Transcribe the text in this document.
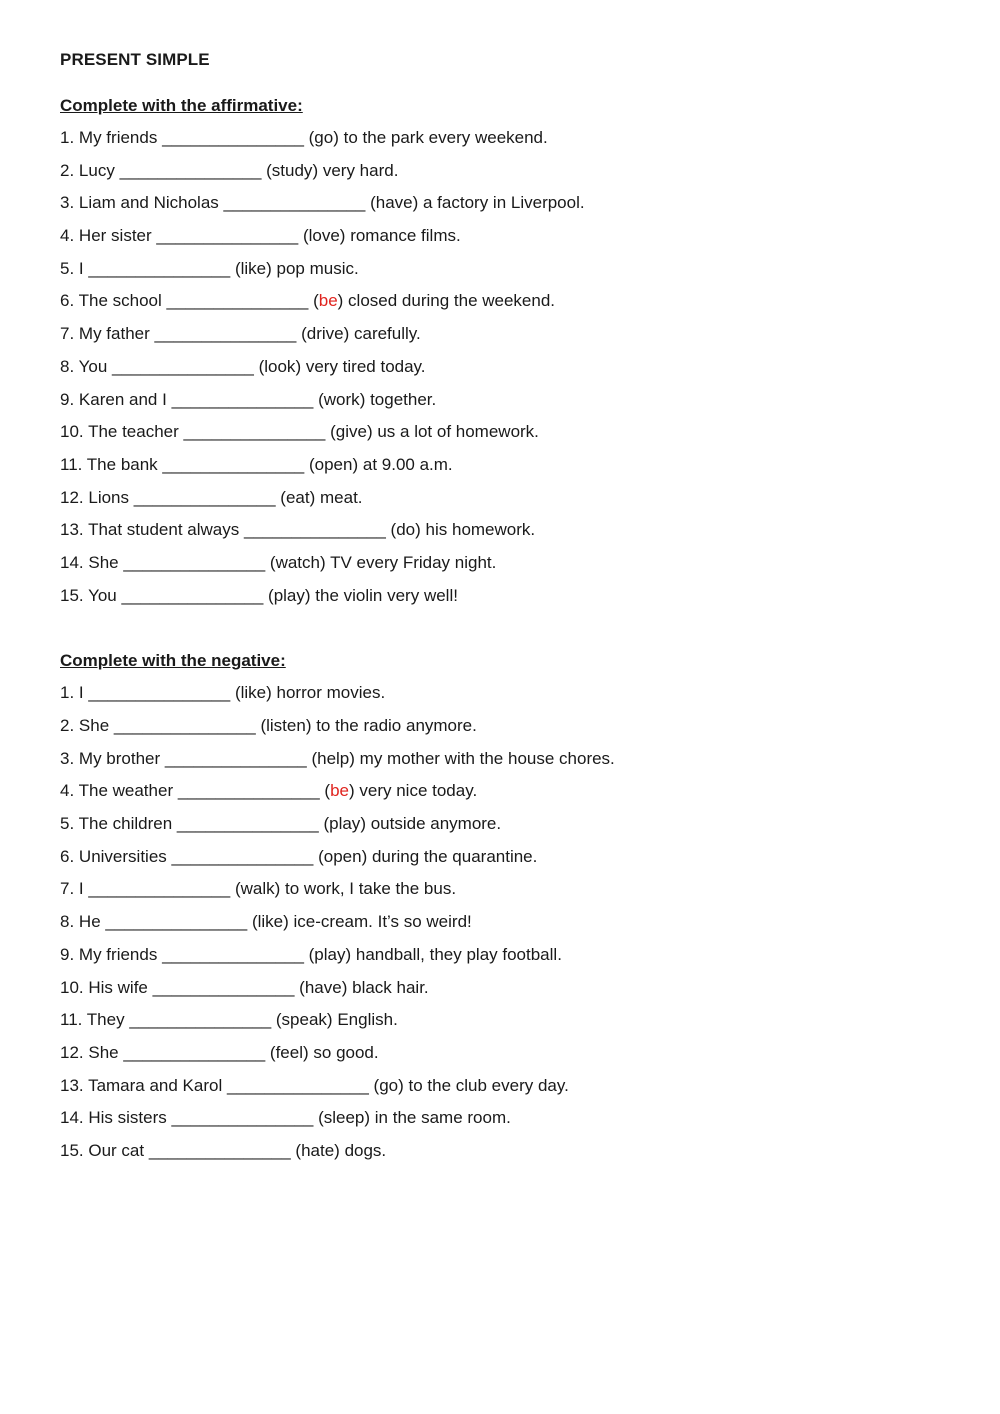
PRESENT SIMPLE
Complete with the affirmative:
1. My friends _______________ (go) to the park every weekend.
2. Lucy _______________ (study) very hard.
3. Liam and Nicholas _______________ (have) a factory in Liverpool.
4. Her sister _______________ (love) romance films.
5. I _______________ (like) pop music.
6. The school _______________ (be) closed during the weekend.
7. My father _______________ (drive) carefully.
8. You _______________ (look) very tired today.
9. Karen and I _______________ (work) together.
10. The teacher _______________ (give) us a lot of homework.
11. The bank _______________ (open) at 9.00 a.m.
12. Lions _______________ (eat) meat.
13. That student always _______________ (do) his homework.
14. She _______________ (watch) TV every Friday night.
15. You _______________ (play) the violin very well!
Complete with the negative:
1. I _______________ (like) horror movies.
2. She _______________ (listen) to the radio anymore.
3. My brother _______________ (help) my mother with the house chores.
4. The weather _______________ (be) very nice today.
5. The children _______________ (play) outside anymore.
6. Universities _______________ (open) during the quarantine.
7. I _______________ (walk) to work, I take the bus.
8. He _______________ (like) ice-cream. It’s so weird!
9. My friends _______________ (play) handball, they play football.
10. His wife _______________ (have) black hair.
11. They _______________ (speak) English.
12. She _______________ (feel) so good.
13. Tamara and Karol _______________ (go) to the club every day.
14. His sisters _______________ (sleep) in the same room.
15. Our cat _______________ (hate) dogs.
